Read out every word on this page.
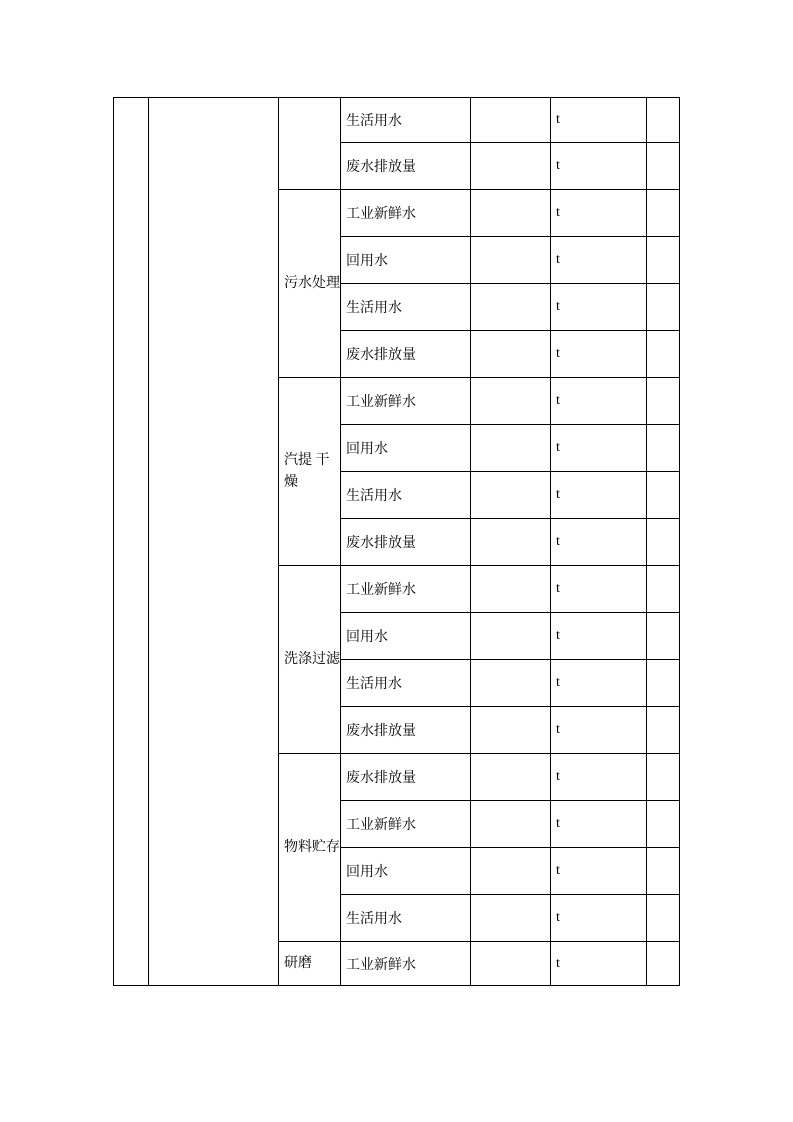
			生活用水		t	
			废水排放量		t	
		污水处理	工业新鲜水		t	
			回用水		t	
			生活用水		t	
			废水排放量		t	
		汽提 干燥	工业新鲜水		t	
			回用水		t	
			生活用水		t	
			废水排放量		t	
		洗涤过滤	工业新鲜水		t	
			回用水		t	
			生活用水		t	
			废水排放量		t	
		物料贮存	废水排放量		t	
			工业新鲜水		t	
			回用水		t	
			生活用水		t	
		研磨	工业新鲜水		t	
